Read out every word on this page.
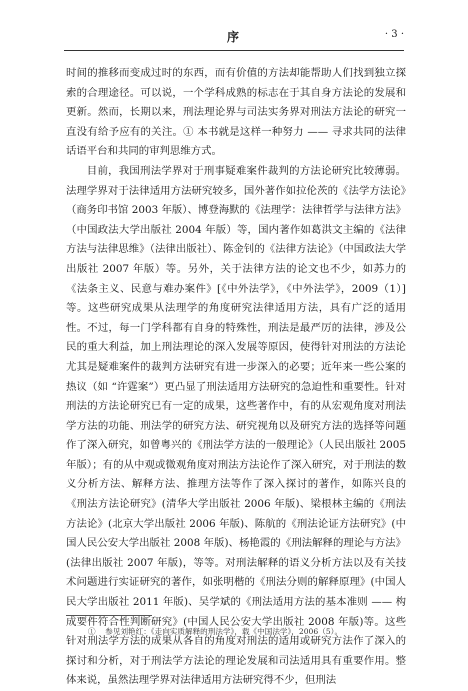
序	· 3 ·

时间的推移而变成过时的东西，而有价值的方法却能帮助人们找到独立探索的合理途径。可以说，一个学科成熟的标志在于其自身方法论的发展和更新。然而，长期以来，刑法理论界与司法实务界对刑法方法论的研究一直没有给予应有的关注。① 本书就是这样一种努力 —— 寻求共同的法律话语平台和共同的审判思维方式。

目前，我国刑法学界对于刑事疑难案件裁判的方法论研究比较薄弱。法理学界对于法律适用方法研究较多，国外著作如拉伦茨的《法学方法论》（商务印书馆 2003 年版）、博登海默的《法理学：法律哲学与法律方法》（中国政法大学出版社 2004 年版）等，国内著作如葛洪文主编的《法律方法与法律思维》（法律出版社）、陈金钊的《法律方法论》（中国政法大学出版社 2007 年版）等。另外，关于法律方法的论文也不少，如苏力的《法条主义、民意与难办案件》[《中外法学》，《中外法学》，2009（1）]等。这些研究成果从法理学的角度研究法律适用方法，具有广泛的适用性。不过，每一门学科都有自身的特殊性，刑法是最严厉的法律，涉及公民的重大利益，加上刑法理论的深入发展等原因，使得针对刑法的方法论尤其是疑难案件的裁判方法研究有进一步深入的必要；近年来一些公案的热议（如 “许霆案”）更凸显了刑法适用方法研究的急迫性和重要性。针对刑法的方法论研究已有一定的成果，这些著作中，有的从宏观角度对刑法学方法的功能、刑法学的研究方法、研究视角以及研究方法的选择等问题作了深入研究，如曾粤兴的《刑法学方法的一般理论》（人民出版社 2005 年版）；有的从中观或微观角度对刑法方法论作了深入研究，对于刑法的数义分析方法、解释方法、推理方法等作了深入探讨的著作，如陈兴良的《刑法方法论研究》(清华大学出版社 2006 年版)、梁根林主编的《刑法方法论》(北京大学出版社 2006 年版)、陈航的《刑法论证方法研究》(中国人民公安大学出版社 2008 年版)、杨艳霞的《刑法解释的理论与方法》(法律出版社 2007 年版)，等等。对刑法解释的语义分析方法以及有关技术问题进行实证研究的著作，如张明楷的《刑法分则的解释原理》(中国人民大学出版社 2011 年版)、吴学斌的《刑法适用方法的基本准则 —— 构成要件符合性判断研究》(中国人民公安大学出版社 2008 年版)等。这些针对刑法学方法的成果从各自的角度对刑法的适用或研究方法作了深入的探讨和分析，对于刑法学方法论的理论发展和司法适用具有重要作用。整体来说，虽然法理学界对法律适用方法研究得不少，但刑法

① 参见刘艳红：《走向实质解释的刑法学》，载《中国法学》，2006（5）。
